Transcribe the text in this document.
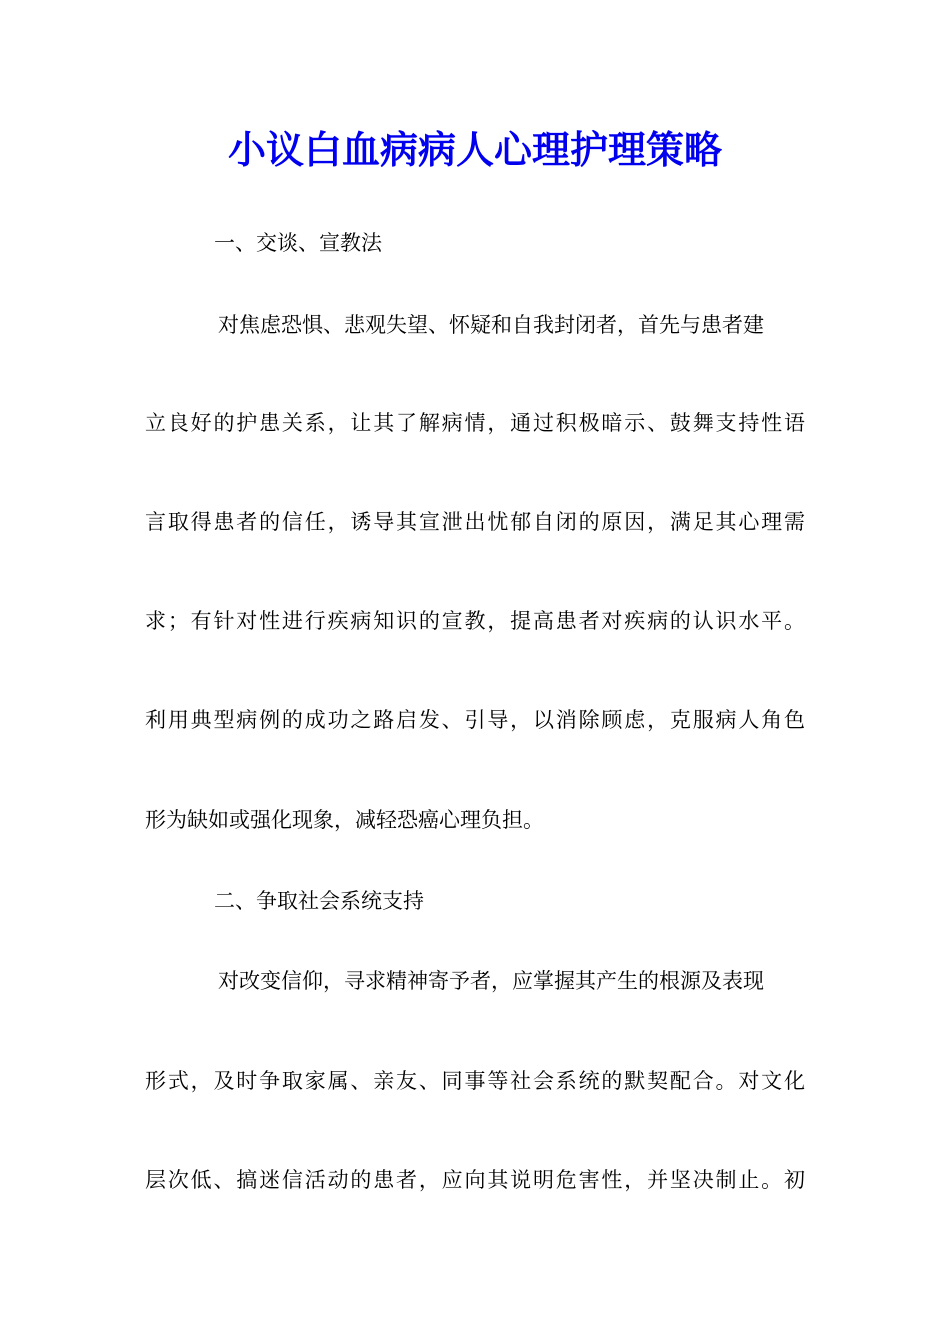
小议白血病病人心理护理策略
一、交谈、宣教法
对焦虑恐惧、悲观失望、怀疑和自我封闭者，首先与患者建
立良好的护患关系，让其了解病情，通过积极暗示、鼓舞支持性语
言取得患者的信任，诱导其宣泄出忧郁自闭的原因，满足其心理需
求；有针对性进行疾病知识的宣教，提高患者对疾病的认识水平。
利用典型病例的成功之路启发、引导，以消除顾虑，克服病人角色
形为缺如或强化现象，减轻恐癌心理负担。
二、争取社会系统支持
对改变信仰，寻求精神寄予者，应掌握其产生的根源及表现
形式，及时争取家属、亲友、同事等社会系统的默契配合。对文化
层次低、搞迷信活动的患者，应向其说明危害性，并坚决制止。初
